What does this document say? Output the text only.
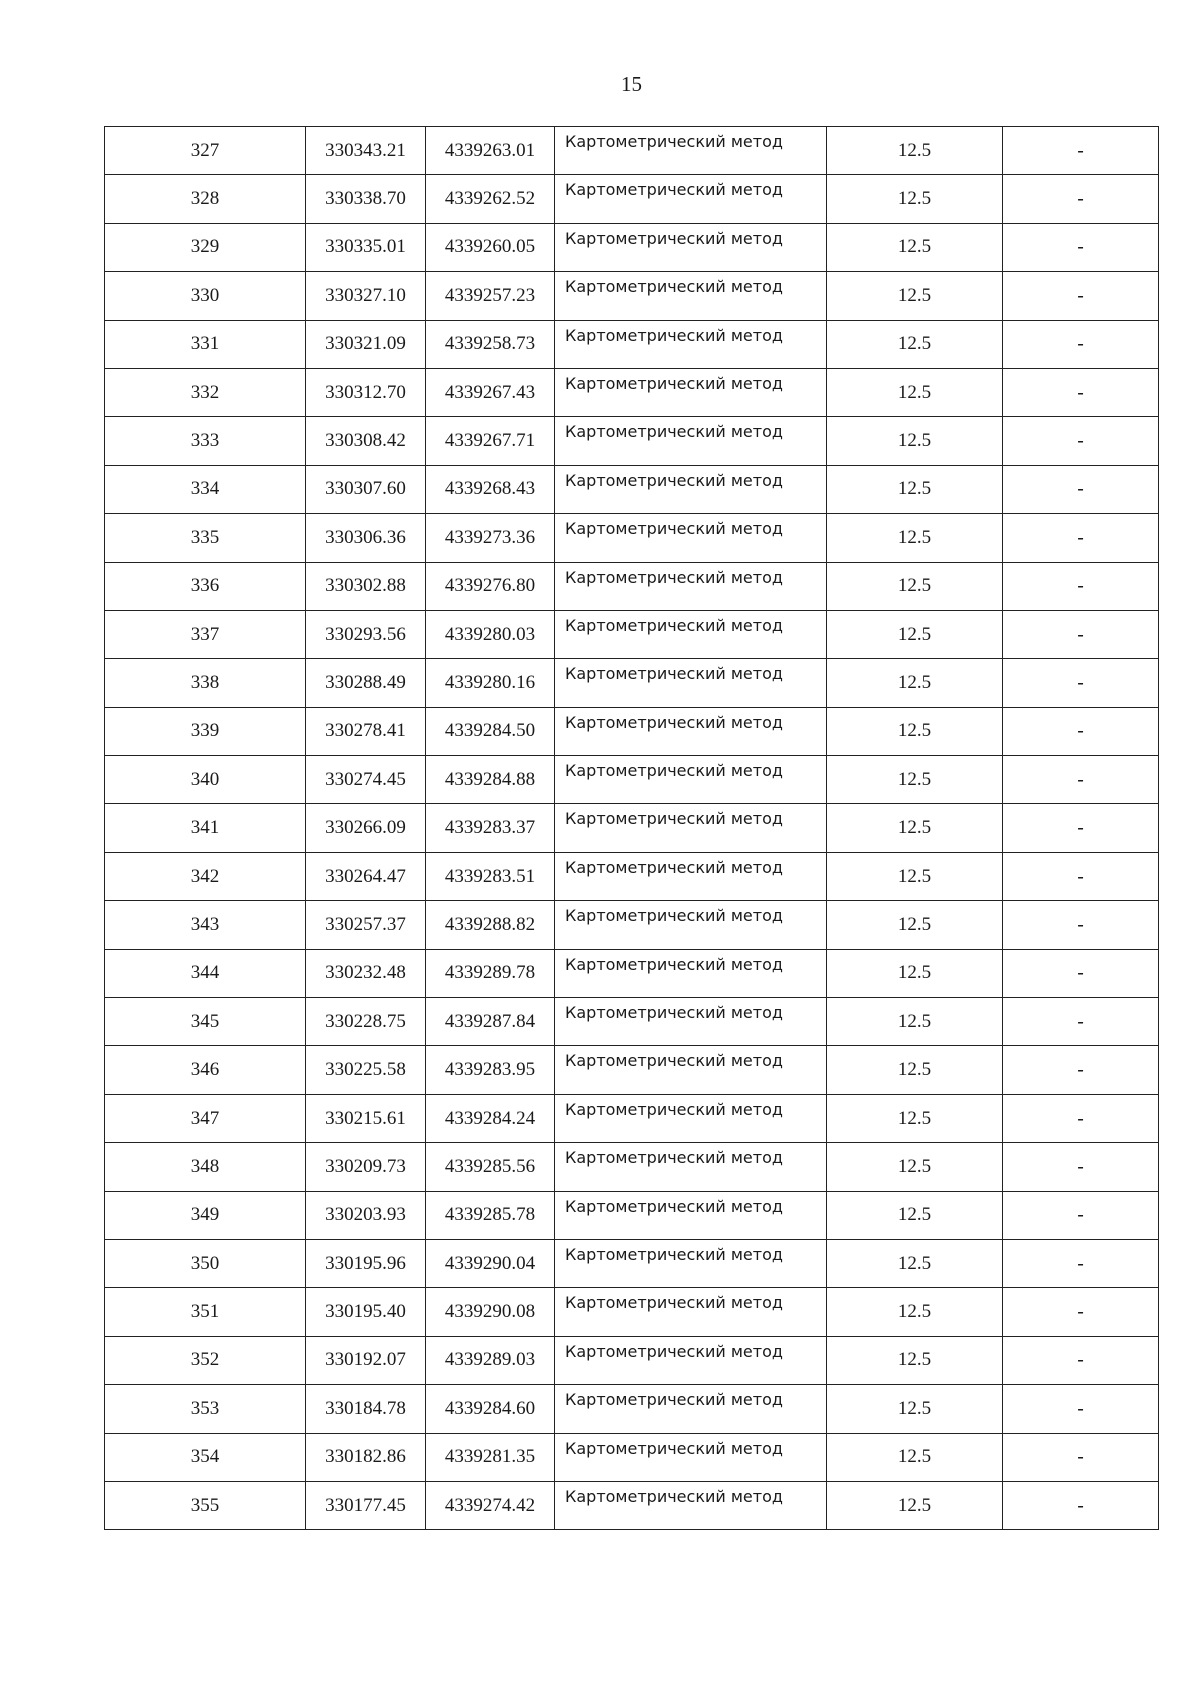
15
327	330343.21	4339263.01	Картометрический метод	12.5	-
328	330338.70	4339262.52	Картометрический метод	12.5	-
329	330335.01	4339260.05	Картометрический метод	12.5	-
330	330327.10	4339257.23	Картометрический метод	12.5	-
331	330321.09	4339258.73	Картометрический метод	12.5	-
332	330312.70	4339267.43	Картометрический метод	12.5	-
333	330308.42	4339267.71	Картометрический метод	12.5	-
334	330307.60	4339268.43	Картометрический метод	12.5	-
335	330306.36	4339273.36	Картометрический метод	12.5	-
336	330302.88	4339276.80	Картометрический метод	12.5	-
337	330293.56	4339280.03	Картометрический метод	12.5	-
338	330288.49	4339280.16	Картометрический метод	12.5	-
339	330278.41	4339284.50	Картометрический метод	12.5	-
340	330274.45	4339284.88	Картометрический метод	12.5	-
341	330266.09	4339283.37	Картометрический метод	12.5	-
342	330264.47	4339283.51	Картометрический метод	12.5	-
343	330257.37	4339288.82	Картометрический метод	12.5	-
344	330232.48	4339289.78	Картометрический метод	12.5	-
345	330228.75	4339287.84	Картометрический метод	12.5	-
346	330225.58	4339283.95	Картометрический метод	12.5	-
347	330215.61	4339284.24	Картометрический метод	12.5	-
348	330209.73	4339285.56	Картометрический метод	12.5	-
349	330203.93	4339285.78	Картометрический метод	12.5	-
350	330195.96	4339290.04	Картометрический метод	12.5	-
351	330195.40	4339290.08	Картометрический метод	12.5	-
352	330192.07	4339289.03	Картометрический метод	12.5	-
353	330184.78	4339284.60	Картометрический метод	12.5	-
354	330182.86	4339281.35	Картометрический метод	12.5	-
355	330177.45	4339274.42	Картометрический метод	12.5	-
